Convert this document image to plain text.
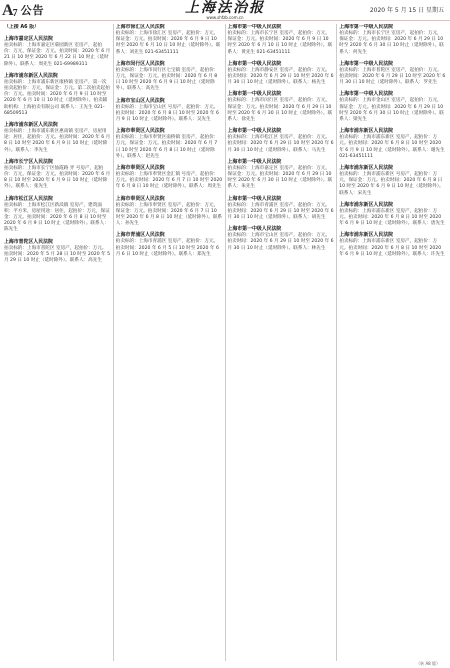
A 7 公告	上海法治报
www.shfzb.com.cn
2020 年 5 月 15 日 星期五
（上接 A6 版）
上海市嘉定区人民法院
拍卖标的：上海市嘉定区菊园新区 室房产，起拍价：万元，保证金：万元。拍卖时间：2020 年 6 月 21 日 10 时至 2020 年 6 月 22 日 10 时止（延时除外）。联系人：周先生 021-69989311
上海市浦东新区人民法院
拍卖标的：上海市浦东新区康桥镇 室房产，第一次拍卖起拍价：万元，保证金：万元。第二次拍卖起拍价：万元。拍卖时间：2020 年 6 月 9 日 10 时至 2020 年 6 月 10 日 10 时止（延时除外）。拍卖辅助机构：上海拍卖有限公司 联系人：王先生 021-68509513
上海市浦东新区人民法院
拍卖标的：上海市浦东新区惠南镇 室房产，房屋用途：居住，起拍价：万元。拍卖时间：2020 年 6 月 8 日 10 时至 2020 年 6 月 9 日 10 时止（延时除外）。联系人：李先生
上海市长宁区人民法院
拍卖标的：上海市长宁区仙霞路 弄 号房产，起拍价：万元，保证金：万元。拍卖时间：2020 年 6 月 8 日 10 时至 2020 年 6 月 9 日 10 时止（延时除外）。联系人：张先生
上海市松江区人民法院
拍卖标的：上海市松江区新浜镇 室房产，建筑面积：平方米，房屋用途：居住，起拍价：万元，保证金：万元。拍卖时间：2020 年 6 月 8 日 10 时至 2020 年 6 月 9 日 10 时止（延时除外）。联系人：陈先生
上海市普陀区人民法院
拍卖标的：上海市普陀区 室房产，起拍价：万元。拍卖时间：2020 年 5 月 28 日 10 时至 2020 年 5 月 29 日 10 时止（延时除外）。联系人：高先生
上海市徐汇区人民法院
拍卖标的：上海市徐汇区 室房产，起拍价：万元，保证金：万元。拍卖时间：2020 年 6 月 9 日 10 时至 2020 年 6 月 10 日 10 时止（延时除外）。联系人：刘先生 021-63451111
上海市闵行区人民法院
拍卖标的：上海市闵行区七宝镇 室房产，起拍价：万元，保证金：万元。拍卖时间：2020 年 6 月 8 日 10 时至 2020 年 6 月 9 日 10 时止（延时除外）。联系人：高先生
上海市宝山区人民法院
拍卖标的：上海市宝山区 号房产，起拍价：万元。拍卖时间：2020 年 6 月 8 日 10 时至 2020 年 6 月 9 日 10 时止（延时除外）。联系人：吴先生
上海市奉贤区人民法院
拍卖标的：上海市奉贤区南桥镇 室房产，起拍价：万元，保证金：万元。拍卖时间：2020 年 6 月 7 日 10 时至 2020 年 6 月 8 日 10 时止（延时除外）。联系人：赵先生
上海市奉贤区人民法院
拍卖标的：上海市奉贤区金汇镇 号房产，起拍价：万元。拍卖时间：2020 年 6 月 7 日 10 时至 2020 年 6 月 8 日 10 时止（延时除外）。联系人：周先生
上海市奉贤区人民法院
拍卖标的：上海市奉贤区 室房产，起拍价：万元，保证金：万元。拍卖时间：2020 年 6 月 7 日 10 时至 2020 年 6 月 8 日 10 时止（延时除外）。联系人：孙先生
上海市青浦区人民法院
拍卖标的：上海市青浦区 室房产，起拍价：万元。拍卖时间：2020 年 6 月 5 日 10 时至 2020 年 6 月 6 日 10 时止（延时除外）。联系人：郑先生
上海市第一中级人民法院
拍卖标的：上海市长宁区 室房产，起拍价：万元，保证金：万元。拍卖时间：2020 年 6 月 9 日 10 时至 2020 年 6 月 10 日 10 时止（延时除外）。联系人：黄先生 021-63451111
上海市第一中级人民法院
拍卖标的：上海市静安区 室房产，起拍价：万元。拍卖时间：2020 年 6 月 29 日 10 时至 2020 年 6 月 30 日 10 时止（延时除外）。联系人：杨先生
上海市第一中级人民法院
拍卖标的：上海市闵行区 室房产，起拍价：万元，保证金：万元。拍卖时间：2020 年 6 月 29 日 10 时至 2020 年 6 月 30 日 10 时止（延时除外）。联系人：徐先生
上海市第一中级人民法院
拍卖标的：上海市松江区 室房产，起拍价：万元。拍卖时间：2020 年 6 月 29 日 10 时至 2020 年 6 月 30 日 10 时止（延时除外）。联系人：马先生
上海市第一中级人民法院
拍卖标的：上海市嘉定区 室房产，起拍价：万元，保证金：万元。拍卖时间：2020 年 6 月 29 日 10 时至 2020 年 6 月 30 日 10 时止（延时除外）。联系人：朱先生
上海市第一中级人民法院
拍卖标的：上海市青浦区 室房产，起拍价：万元。拍卖时间：2020 年 6 月 29 日 10 时至 2020 年 6 月 30 日 10 时止（延时除外）。联系人：胡先生
上海市第一中级人民法院
拍卖标的：上海市宝山区 室房产，起拍价：万元。拍卖时间：2020 年 6 月 29 日 10 时至 2020 年 6 月 30 日 10 时止（延时除外）。联系人：林先生
上海市第一中级人民法院
拍卖标的：上海市长宁区 室房产，起拍价：万元，保证金：万元。拍卖时间：2020 年 6 月 29 日 10 时至 2020 年 6 月 30 日 10 时止（延时除外）。联系人：何先生
上海市第一中级人民法院
拍卖标的：上海市普陀区 室房产，起拍价：万元。拍卖时间：2020 年 6 月 29 日 10 时至 2020 年 6 月 30 日 10 时止（延时除外）。联系人：罗先生
上海市第一中级人民法院
拍卖标的：上海市金山区 室房产，起拍价：万元，保证金：万元。拍卖时间：2020 年 6 月 29 日 10 时至 2020 年 6 月 30 日 10 时止（延时除外）。联系人：梁先生
上海市浦东新区人民法院
拍卖标的：上海市浦东新区 室房产，起拍价：万元。拍卖时间：2020 年 6 月 8 日 10 时至 2020 年 6 月 9 日 10 时止（延时除外）。联系人：谢先生 021-63451111
上海市浦东新区人民法院
拍卖标的：上海市浦东新区 号房产，起拍价：万元，保证金：万元。拍卖时间：2020 年 6 月 8 日 10 时至 2020 年 6 月 9 日 10 时止（延时除外）。联系人：宋先生
上海市浦东新区人民法院
拍卖标的：上海市浦东新区 室房产，起拍价：万元。拍卖时间：2020 年 6 月 8 日 10 时至 2020 年 6 月 9 日 10 时止（延时除外）。联系人：唐先生
上海市浦东新区人民法院
拍卖标的：上海市浦东新区 室房产，起拍价：万元。拍卖时间：2020 年 6 月 8 日 10 时至 2020 年 6 月 9 日 10 时止（延时除外）。联系人：许先生
（转 A8 版）
